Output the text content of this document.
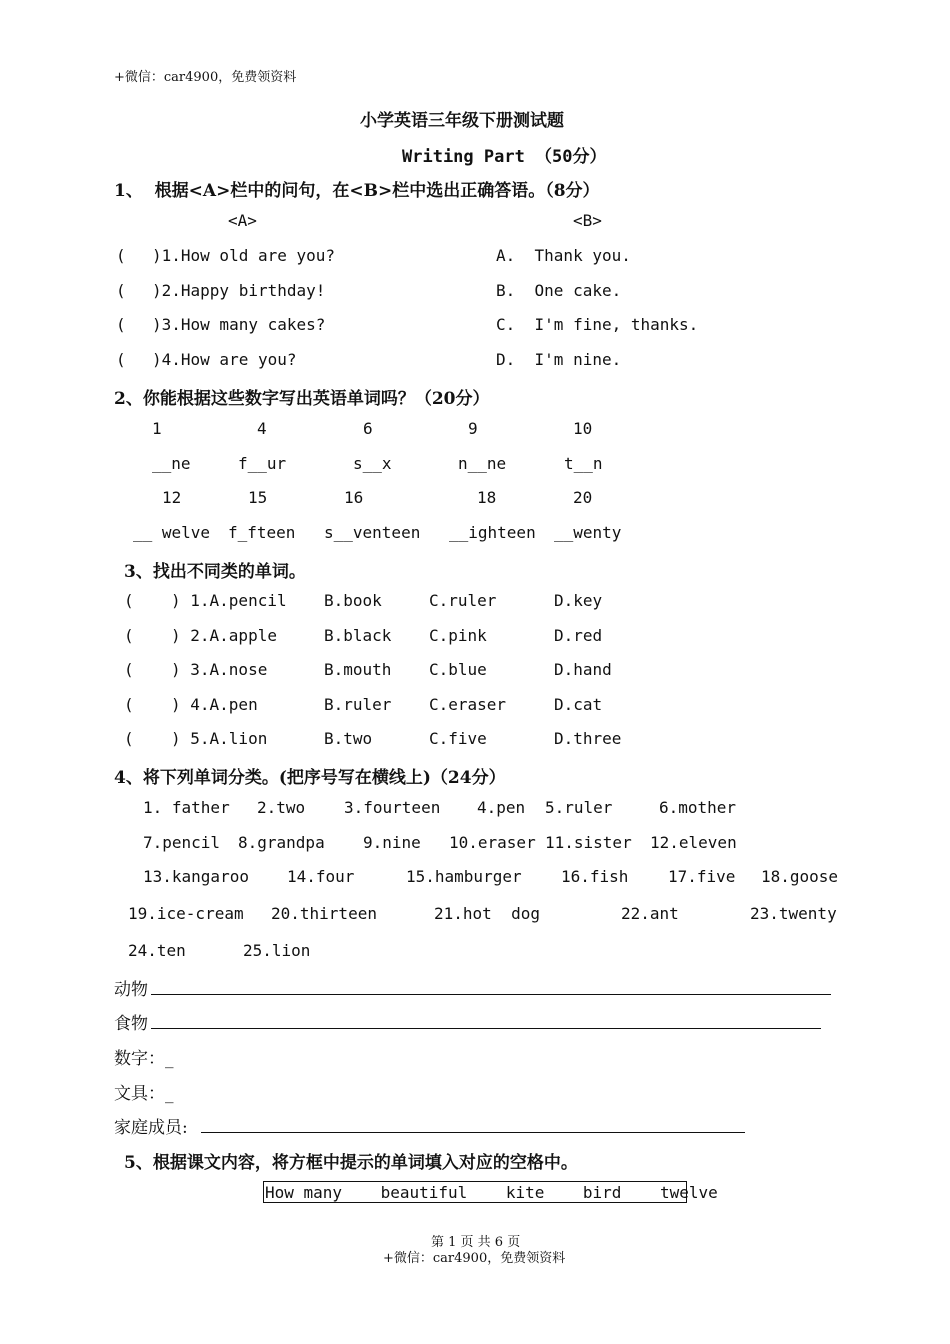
+微信：car4900，免费领资料
小学英语三年级下册测试题
Writing Part （50分）
1、  根据<A>栏中的问句，在<B>栏中选出正确答语。（8分）
<A>	<B>
( )1.How old are you?	A.  Thank you.
( )2.Happy birthday!	B.  One cake.
( )3.How many cakes?	C.  I'm fine, thanks.
( )4.How are you?	D.  I'm nine.
2、你能根据这些数字写出英语单词吗？（20分）
1	4	6	9	10
__ne	f__ur	s__x	n__ne	t__n
12	15	16	18	20
__ welve f_fteen s__venteen __ighteen __wenty
3、找出不同类的单词。
( ) 1.A.pencil B.book	C.ruler	D.key
( ) 2.A.apple	B.black C.pink	D.red
( ) 3.A.nose	B.mouth C.blue	D.hand
( ) 4.A.pen	B.ruler C.eraser	D.cat
( ) 5.A.lion	B.two	C.five	D.three
4、将下列单词分类。(把序号写在横线上)（24分）
1. father 2.two 3.fourteen 4.pen 5.ruler	6.mother
7.pencil 8.grandpa 9.nine 10.eraser 11.sister 12.eleven
13.kangaroo 14.four	15.hamburger 16.fish 17.five 18.goose
19.ice-cream 20.thirteen	21.hot  dog	22.ant	23.twenty
24.ten	25.lion
动物
食物
数字：_
文具：_
家庭成员:
5、根据课文内容，将方框中提示的单词填入对应的空格中。
How many    beautiful    kite    bird    twelve
第 1 页 共 6 页
+微信：car4900，免费领资料
